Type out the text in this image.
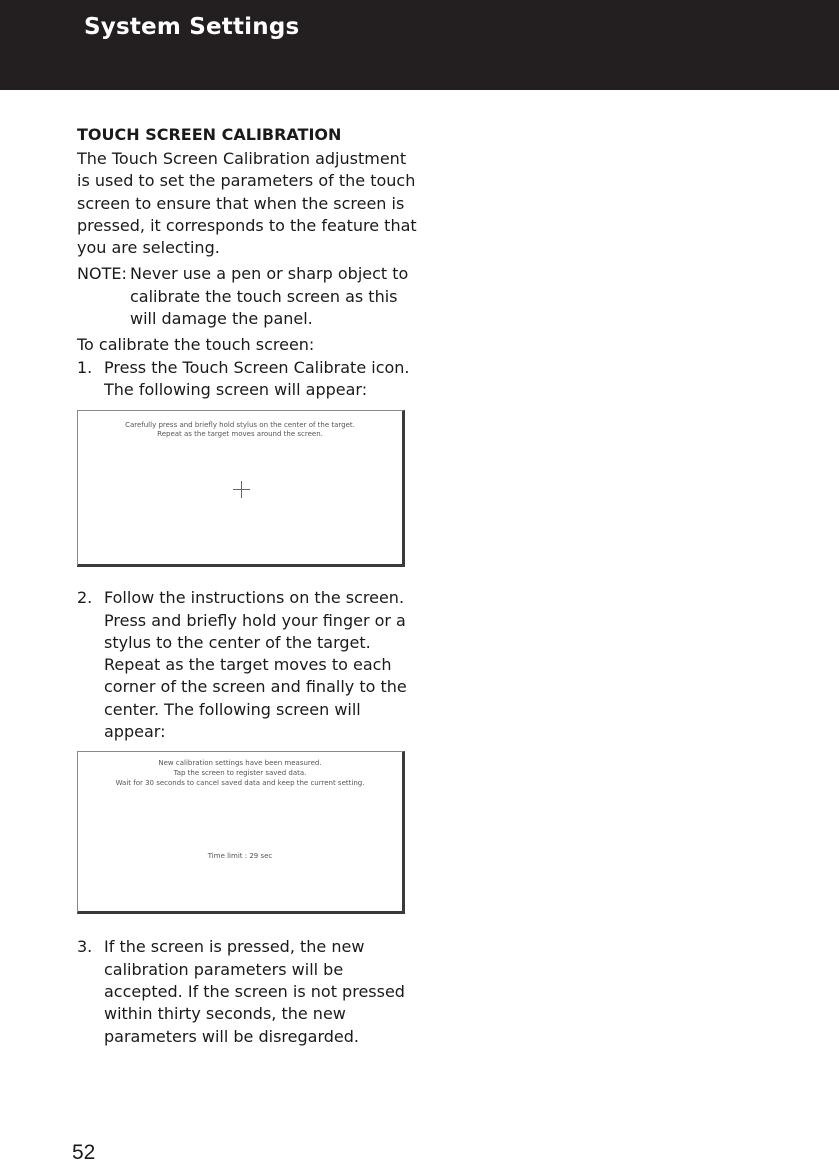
System Settings
TOUCH SCREEN CALIBRATION

The Touch Screen Calibration adjustment is used to set the parameters of the touch screen to ensure that when the screen is pressed, it corresponds to the feature that you are selecting.

NOTE: Never use a pen or sharp object to calibrate the touch screen as this will damage the panel.

To calibrate the touch screen:

1. Press the Touch Screen Calibrate icon. The following screen will appear:
Carefully press and briefly hold stylus on the center of the target.
Repeat as the target moves around the screen.
2. Follow the instructions on the screen. Press and briefly hold your finger or a stylus to the center of the target. Repeat as the target moves to each corner of the screen and finally to the center. The following screen will appear:
New calibration settings have been measured.
Tap the screen to register saved data.
Wait for 30 seconds to cancel saved data and keep the current setting.
Time limit : 29 sec
3. If the screen is pressed, the new calibration parameters will be accepted. If the screen is not pressed within thirty seconds, the new parameters will be disregarded.
52
